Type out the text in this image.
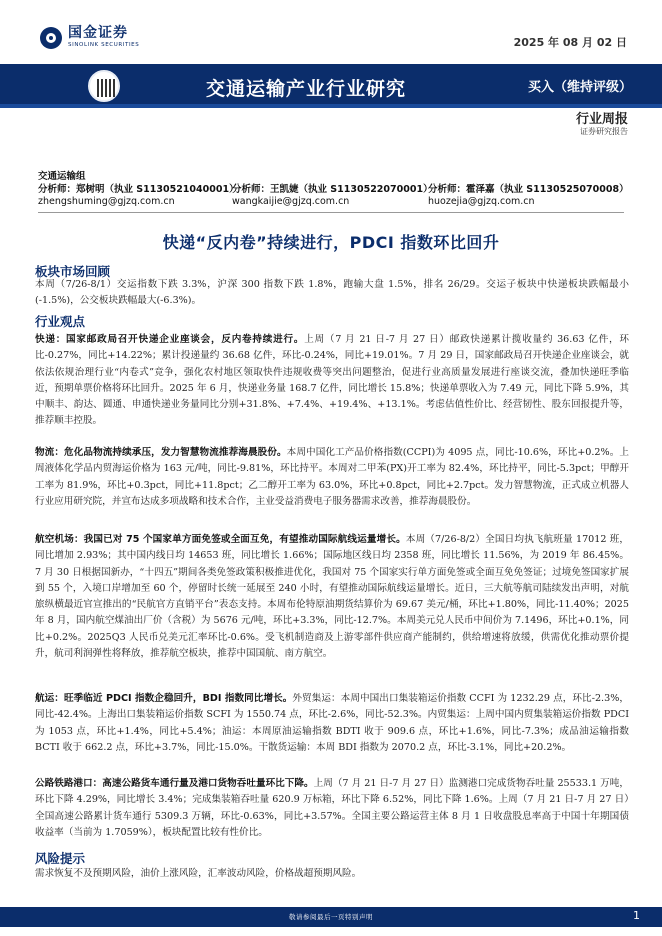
国金证券
SINOLINK SECURITIES	2025 年 08 月 02 日
交通运输产业行业研究	买入（维持评级）
行业周报
证券研究报告
交通运输组
分析师：郑树明（执业 S1130521040001）
分析师：王凯婕（执业 S1130522070001）
分析师：霍泽嘉（执业 S1130525070008）
zhengshuming@gjzq.com.cn	wangkaijie@gjzq.com.cn	huozejia@gjzq.com.cn
快递“反内卷”持续进行，PDCI 指数环比回升
板块市场回顾
本周（7/26-8/1）交运指数下跌 3.3%，沪深 300 指数下跌 1.8%，跑输大盘 1.5%，排名 26/29。交运子板块中快递板块跌幅最小(-1.5%)，公交板块跌幅最大(-6.3%)。
行业观点
快递：国家邮政局召开快递企业座谈会，反内卷持续进行。上周（7 月 21 日-7 月 27 日）邮政快递累计揽收量约 36.63 亿件，环比-0.27%，同比+14.22%；累计投递量约 36.68 亿件，环比-0.24%，同比+19.01%。7 月 29 日，国家邮政局召开快递企业座谈会，就依法依规治理行业“内卷式”竞争，强化农村地区领取快件违规收费等突出问题整治，促进行业高质量发展进行座谈交流，叠加快递旺季临近，预期单票价格将环比回升。2025 年 6 月，快递业务量 168.7 亿件，同比增长 15.8%；快递单票收入为 7.49 元，同比下降 5.9%，其中顺丰、韵达、圆通、申通快递业务量同比分别+31.8%、+7.4%、+19.4%、+13.1%。考虑估值性价比、经营韧性、股东回报提升等，推荐顺丰控股。
物流：危化品物流持续承压，发力智慧物流推荐海晨股份。本周中国化工产品价格指数(CCPI)为 4095 点，同比-10.6%，环比+0.2%。上周液体化学品内贸海运价格为 163 元/吨，同比-9.81%，环比持平。本周对二甲苯(PX)开工率为 82.4%，环比持平，同比-5.3pct；甲醇开工率为 81.9%，环比+0.3pct，同比+11.8pct；乙二醇开工率为 63.0%，环比+0.8pct，同比+2.7pct。发力智慧物流，正式成立机器人行业应用研究院，并宣布达成多项战略和技术合作，主业受益消费电子服务器需求改善，推荐海晨股份。
航空机场：我国已对 75 个国家单方面免签或全面互免，有望推动国际航线运量增长。本周（7/26-8/2）全国日均执飞航班量 17012 班，同比增加 2.93%；其中国内线日均 14653 班，同比增长 1.66%；国际地区线日均 2358 班，同比增长 11.56%，为 2019 年 86.45%。7 月 30 日根据国新办，“十四五”期间各类免签政策积极推进优化，我国对 75 个国家实行单方面免签或全面互免免签证；过境免签国家扩展到 55 个，入境口岸增加至 60 个，停留时长统一延展至 240 小时，有望推动国际航线运量增长。近日，三大航等航司陆续发出声明，对航旅纵横最近官宣推出的“民航官方直销平台”表态支持。本周布伦特原油期货结算价为 69.67 美元/桶，环比+1.80%，同比-11.40%；2025 年 8 月，国内航空煤油出厂价（含税）为 5676 元/吨，环比+3.3%，同比-12.7%。本周美元兑人民币中间价为 7.1496，环比+0.1%，同比+0.2%。2025Q3 人民币兑美元汇率环比-0.6%。受飞机制造商及上游零部件供应商产能制约，供给增速将放缓，供需优化推动票价提升，航司利润弹性将释放，推荐航空板块，推荐中国国航、南方航空。
航运：旺季临近 PDCI 指数企稳回升，BDI 指数同比增长。外贸集运：本周中国出口集装箱运价指数 CCFI 为 1232.29 点，环比-2.3%，同比-42.4%。上海出口集装箱运价指数 SCFI 为 1550.74 点，环比-2.6%，同比-52.3%。内贸集运：上周中国内贸集装箱运价指数 PDCI 为 1053 点，环比+1.4%，同比+5.4%；油运：本周原油运输指数 BDTI 收于 909.6 点，环比+1.6%，同比-7.3%；成品油运输指数 BCTI 收于 662.2 点，环比+3.7%，同比-15.0%。干散货运输：本周 BDI 指数为 2070.2 点，环比-3.1%，同比+20.2%。
公路铁路港口：高速公路货车通行量及港口货物吞吐量环比下降。上周（7 月 21 日-7 月 27 日）监测港口完成货物吞吐量 25533.1 万吨，环比下降 4.29%，同比增长 3.4%；完成集装箱吞吐量 620.9 万标箱，环比下降 6.52%，同比下降 1.6%。上周（7 月 21 日-7 月 27 日）全国高速公路累计货车通行 5309.3 万辆，环比-0.63%，同比+3.57%。全国主要公路运营主体 8 月 1 日收盘股息率高于中国十年期国债收益率（当前为 1.7059%），板块配置比较有性价比。
风险提示
需求恢复不及预期风险，油价上涨风险，汇率波动风险，价格战超预期风险。
敬请参阅最后一页特别声明	1
